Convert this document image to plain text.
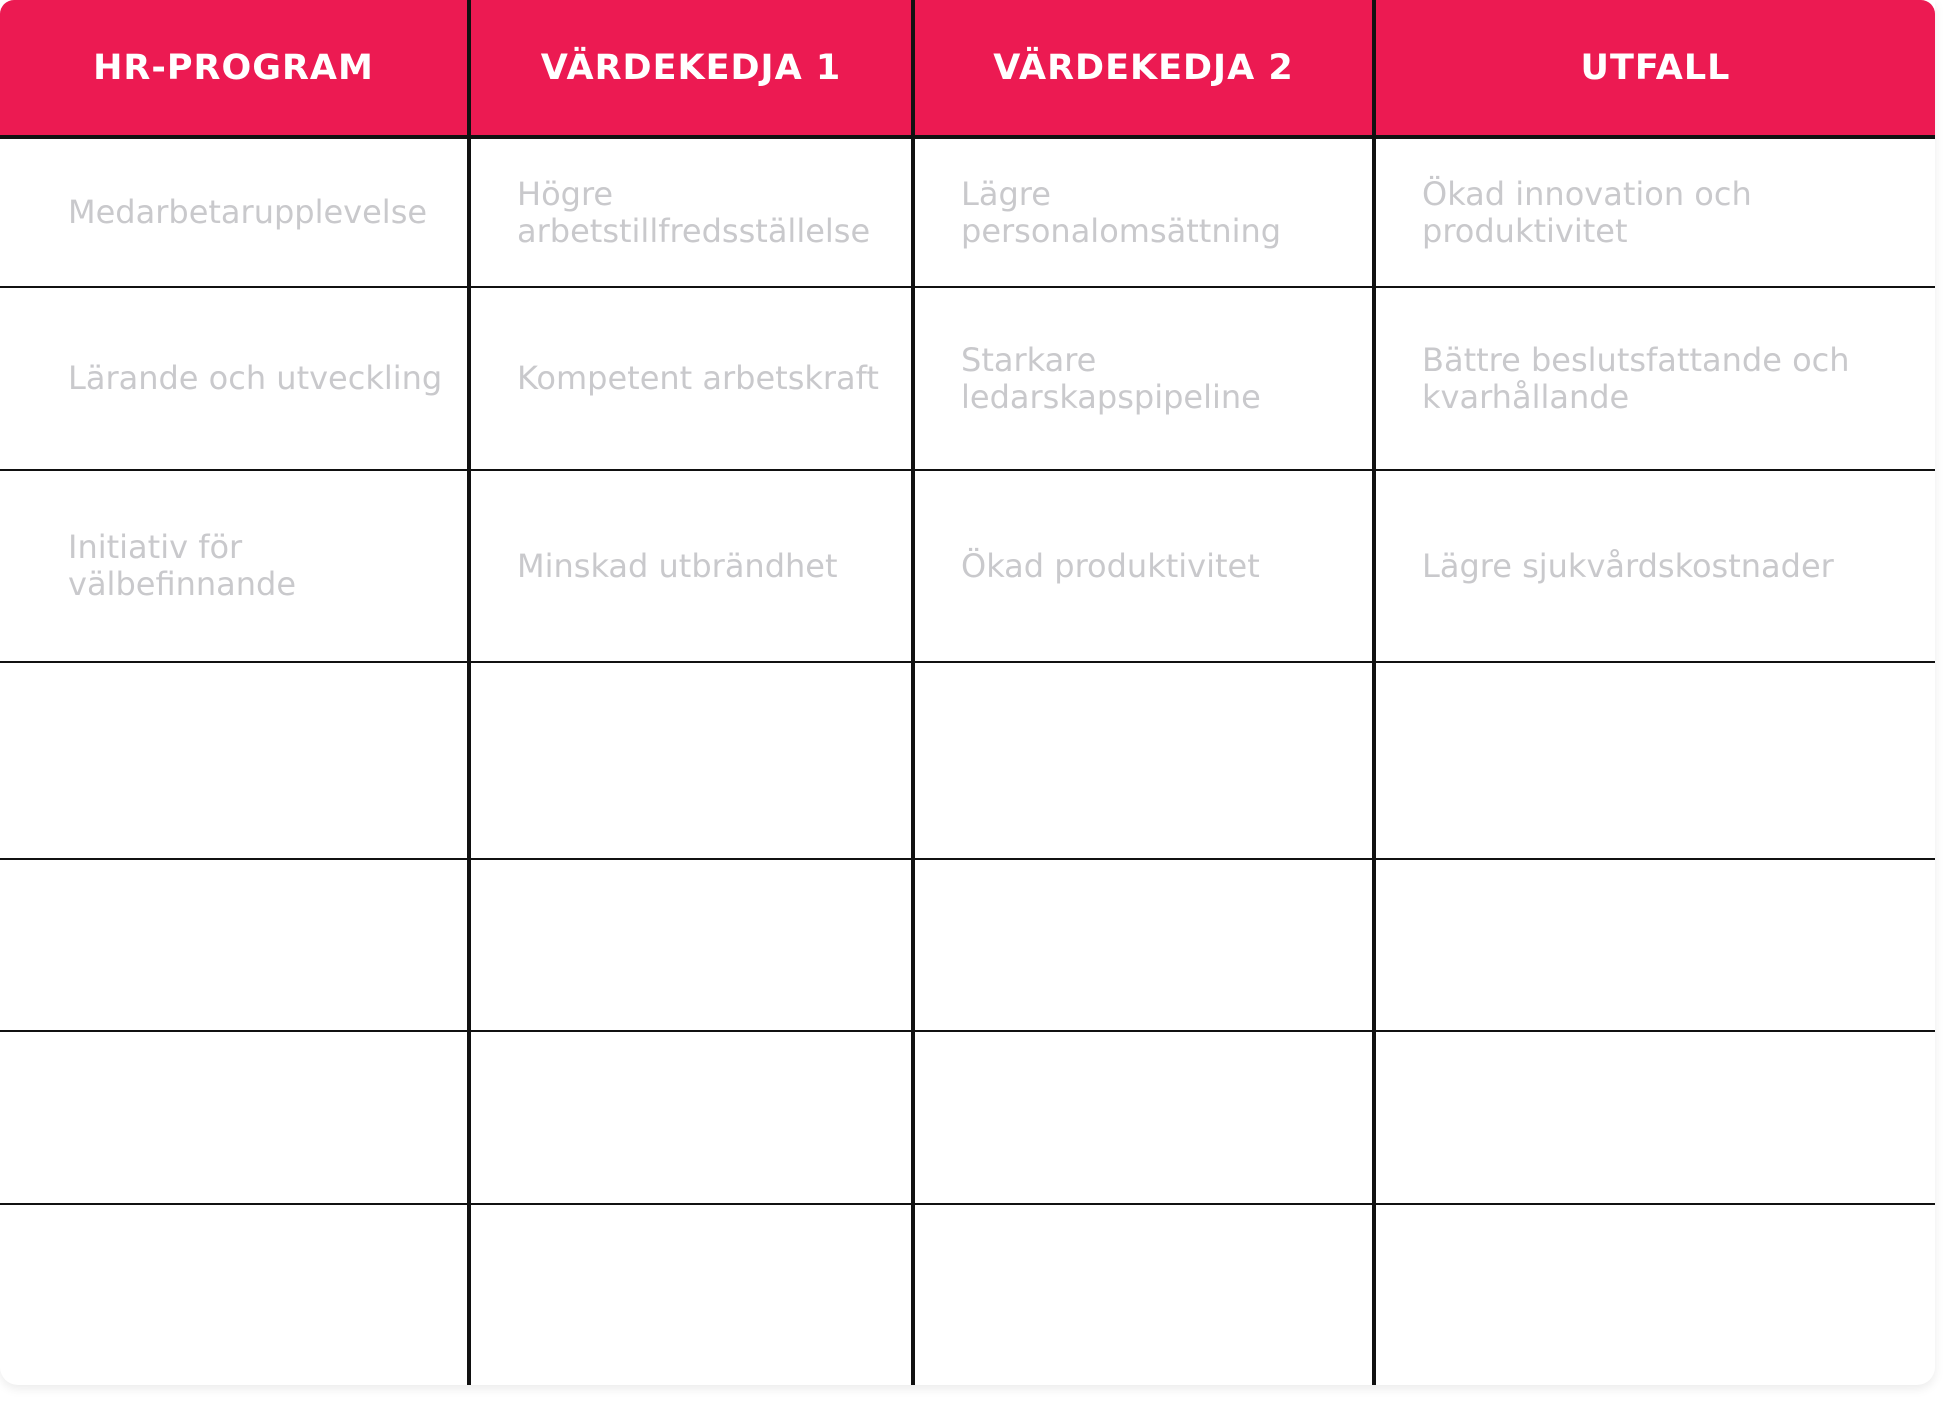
HR-PROGRAM	VÄRDEKEDJA 1	VÄRDEKEDJA 2	UTFALL
Medarbetarupplevelse	Högre arbetstillfredsställelse	Lägre personalomsättning	Ökad innovation och produktivitet
Lärande och utveckling	Kompetent arbetskraft	Starkare ledarskapspipeline	Bättre beslutsfattande och kvarhållande
Initiativ för välbefinnande	Minskad utbrändhet	Ökad produktivitet	Lägre sjukvårdskostnader
